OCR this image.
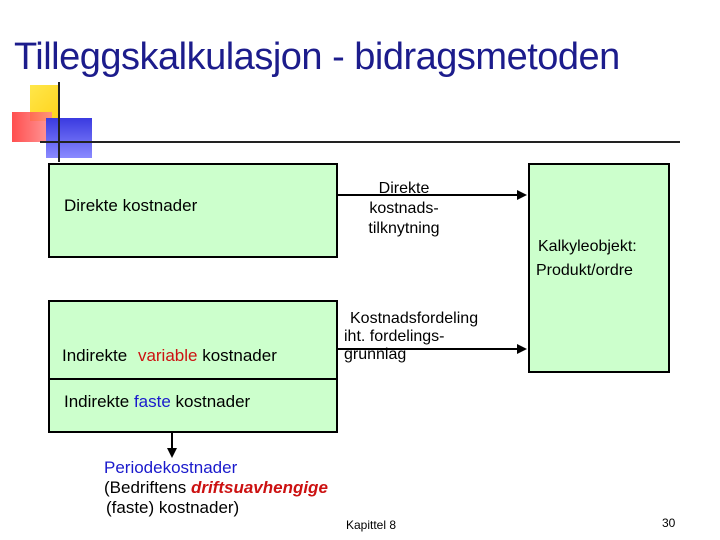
Tilleggskalkulasjon - bidragsmetoden
Direkte kostnader
Indirekte variable kostnader
Indirekte faste kostnader
Kalkyleobjekt:
Produkt/ordre
Direkte
kostnads-
tilknytning
Kostnadsfordeling
iht. fordelings-
grunnlag
Periodekostnader
(Bedriftens driftsuavhengige
(faste) kostnader)
Kapittel 8	30
